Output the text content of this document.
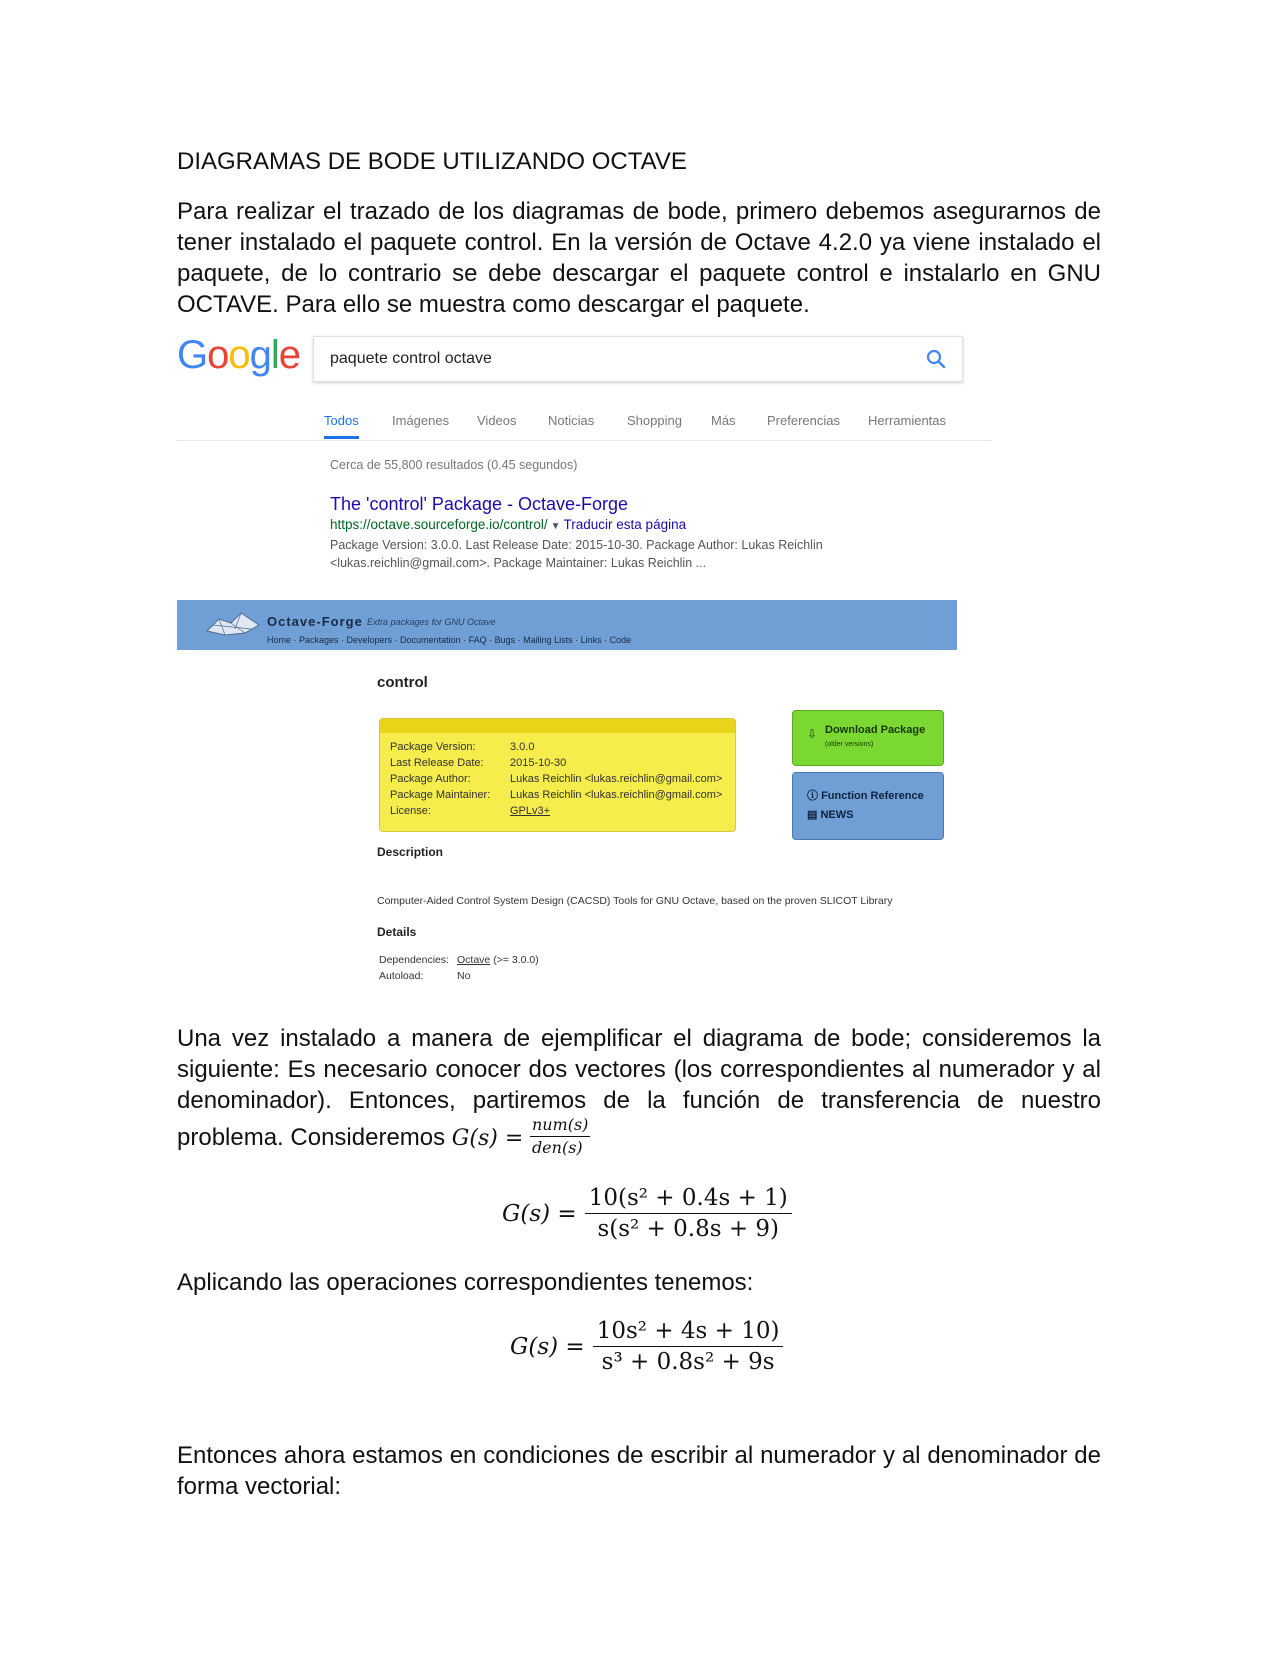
DIAGRAMAS DE BODE UTILIZANDO OCTAVE

Para realizar el trazado de los diagramas de bode, primero debemos asegurarnos de tener instalado el paquete control. En la versión de Octave 4.2.0 ya viene instalado el paquete, de lo contrario se debe descargar el paquete control e instalarlo en GNU OCTAVE. Para ello se muestra como descargar el paquete.

Google paquete control octave
Todos	Imágenes Videos Noticias	Shopping Más Preferencias Herramientas
Cerca de 55,800 resultados (0.45 segundos)
The 'control' Package - Octave-Forge
https://octave.sourceforge.io/control/ ▼ Traducir esta página
Package Version: 3.0.0. Last Release Date: 2015-10-30. Package Author: Lukas Reichlin <lukas.reichlin@gmail.com>. Package Maintainer: Lukas Reichlin ...
Octave-Forge Extra packages for GNU Octave
Home · Packages · Developers · Documentation · FAQ · Bugs · Mailing Lists · Links · Code
control
Package Version:	3.0.0
Last Release Date: 2015-10-30
Package Author:	Lukas Reichlin <lukas.reichlin@gmail.com>
Package Maintainer: Lukas Reichlin <lukas.reichlin@gmail.com>
License:	GPLv3+
⇩ Download Package
(older versions)
ⓘ Function Reference
▤ NEWS
Description
Computer-Aided Control System Design (CACSD) Tools for GNU Octave, based on the proven SLICOT Library
Details
Dependencies: Octave (>= 3.0.0)
Autoload:	No

Una vez instalado a manera de ejemplificar el diagrama de bode; consideremos la siguiente: Es necesario conocer dos vectores (los correspondientes al numerador y al denominador). Entonces, partiremos de la función de transferencia de nuestro problema. Consideremos G(s) =
num(s)
den(s)

$G(s) = \frac{\text{10(s² + 0.4s + 1)}}{\text{s(s² + 0.8s + 9)}}$

Aplicando las operaciones correspondientes tenemos:

$G(s) = \frac{\text{10s² + 4s + 10)}}{\text{s³ + 0.8s² + 9s}}$

Entonces ahora estamos en condiciones de escribir al numerador y al denominador de forma vectorial:
